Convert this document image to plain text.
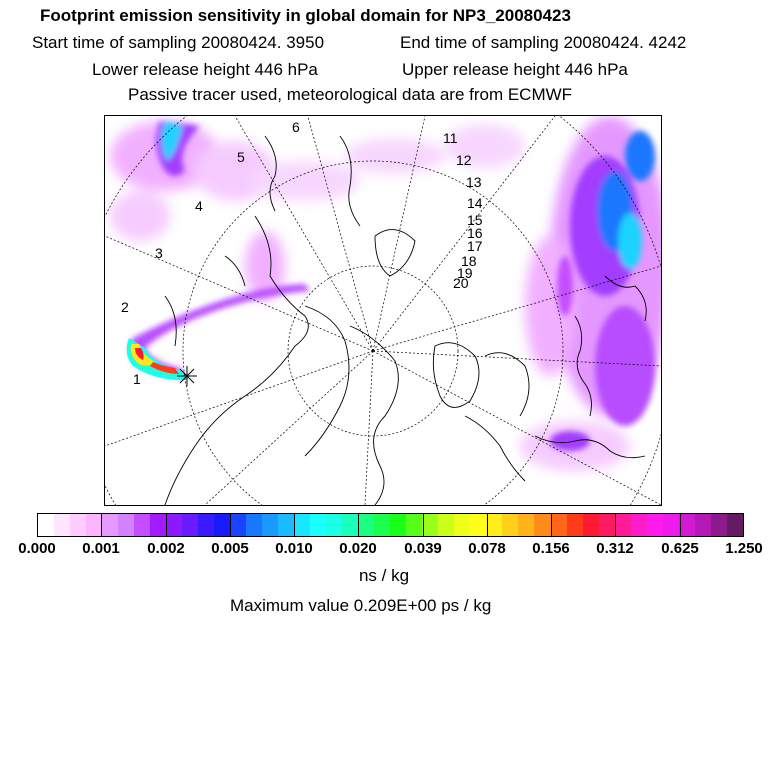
Footprint emission sensitivity in global domain for NP3_20080423
Start time of sampling 20080424. 3950	End time of sampling 20080424. 4242
Lower release height 446 hPa	Upper release height 446 hPa
Passive tracer used, meteorological data are from ECMWF
2
3
4
5
6
11
12
13
14
15
16
17
18
19
20
1
0.000 0.001 0.002 0.005 0.010 0.020 0.039 0.078 0.156 0.312 0.625 1.250
ns / kg
Maximum value 0.209E+00 ps / kg
